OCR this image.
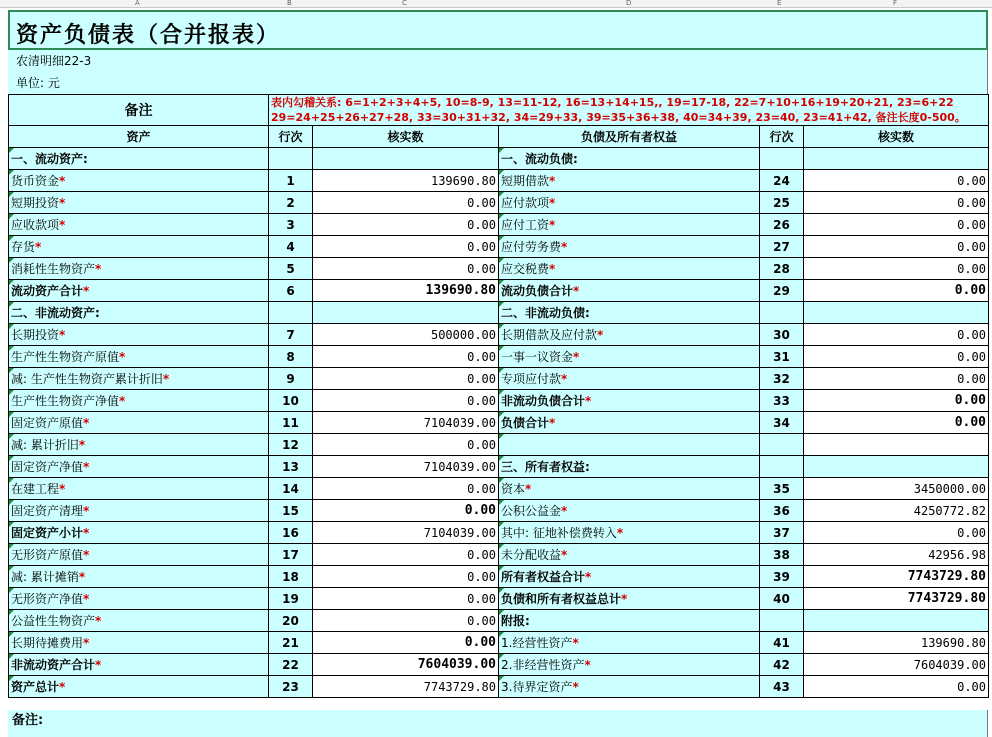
A	B	C	D	E	F
资产负债表（合并报表）
农清明细22-3
单位: 元
备注	表内勾稽关系: 6=1+2+3+4+5, 10=8-9, 13=11-12, 16=13+14+15,, 19=17-18, 22=7+10+16+19+20+21, 23=6+22
29=24+25+26+27+28, 33=30+31+32, 34=29+33, 39=35+36+38, 40=34+39, 23=40, 23=41+42, 备注长度0-500。				

资产	行次	核实数	负债及所有者权益	行次	核实数
一、流动资产:			一、流动负债:		
货币资金*	1	139690.80	短期借款*	24	0.00
短期投资*	2	0.00	应付款项*	25	0.00
应收款项*	3	0.00	应付工资*	26	0.00
存货*	4	0.00	应付劳务费*	27	0.00
消耗性生物资产*	5	0.00	应交税费*	28	0.00
流动资产合计*	6	139690.80	流动负债合计*	29	0.00
二、非流动资产:			二、非流动负债:		
长期投资*	7	500000.00	长期借款及应付款*	30	0.00
生产性生物资产原值*	8	0.00	一事一议资金*	31	0.00
减: 生产性生物资产累计折旧*	9	0.00	专项应付款*	32	0.00
生产性生物资产净值*	10	0.00	非流动负债合计*	33	0.00
固定资产原值*	11	7104039.00	负债合计*	34	0.00
减: 累计折旧*	12	0.00			
固定资产净值*	13	7104039.00	三、所有者权益:		
在建工程*	14	0.00	资本*	35	3450000.00
固定资产清理*	15	0.00	公积公益金*	36	4250772.82
固定资产小计*	16	7104039.00	其中: 征地补偿费转入*	37	0.00
无形资产原值*	17	0.00	未分配收益*	38	42956.98
减: 累计摊销*	18	0.00	所有者权益合计*	39	7743729.80
无形资产净值*	19	0.00	负债和所有者权益总计*	40	7743729.80
公益性生物资产*	20	0.00	附报:		
长期待摊费用*	21	0.00	1.经营性资产*	41	139690.80
非流动资产合计*	22	7604039.00	2.非经营性资产*	42	7604039.00
资产总计*	23	7743729.80	3.待界定资产*	43	0.00
备注:
